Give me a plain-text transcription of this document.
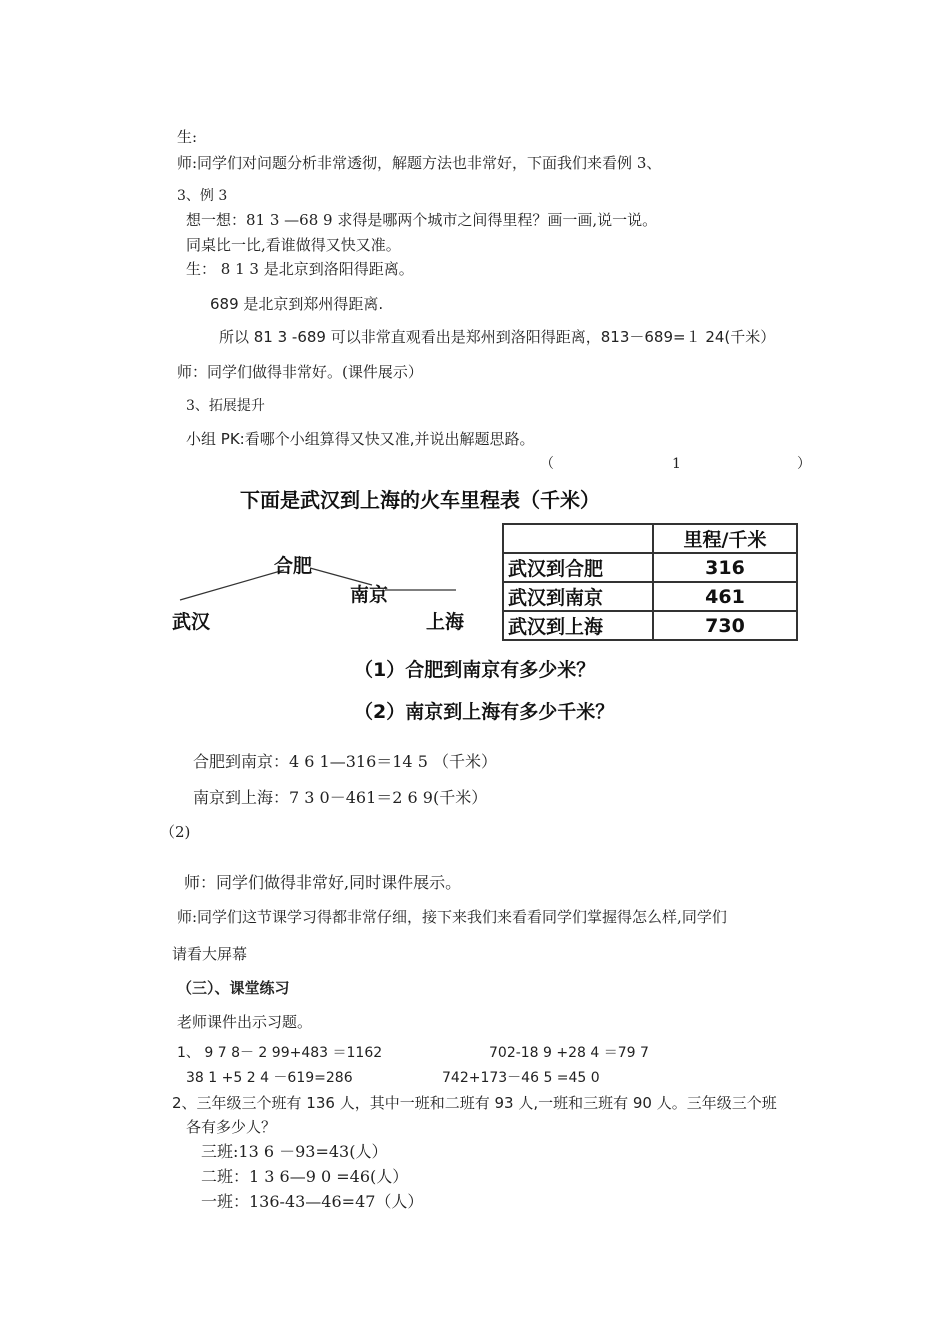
生:
师:同学们对问题分析非常透彻，解题方法也非常好，下面我们来看例 3、
3、例 3
想一想：81 3 —68 9 求得是哪两个城市之间得里程？画一画,说一说。
同桌比一比,看谁做得又快又准。
生： 8 1 3 是北京到洛阳得距离。
689 是北京到郑州得距离.
所以 81 3 -689 可以非常直观看出是郑州到洛阳得距离，813－689=１ 24(千米）
师：同学们做得非常好。(课件展示）
3、拓展提升
小组 PK:看哪个小组算得又快又准,并说出解题思路。
（	1	）
下面是武汉到上海的火车里程表（千米）
合肥
南京
武汉	上海
	里程/千米
武汉到合肥	316
武汉到南京	461
武汉到上海	730
（1）合肥到南京有多少米？
（2）南京到上海有多少千米？
合肥到南京：4 6 1—316＝14 5 （千米）
南京到上海：7 3 0－461＝2 6 9(千米）
（2)
师：同学们做得非常好,同时课件展示。
师:同学们这节课学习得都非常仔细，接下来我们来看看同学们掌握得怎么样,同学们
请看大屏幕
（三）、课堂练习
老师课件出示习题。
1、 9 7 8－ 2 99+483 ＝1162	702-18 9 +28 4 ＝79 7
38 1 +5 2 4 －619=286	742+173－46 5 =45 0
2、三年级三个班有 136 人，其中一班和二班有 93 人,一班和三班有 90 人。三年级三个班
各有多少人？
三班:13 6 －93=43(人）
二班：1 3 6—9 0 =46(人）
一班：136-43—46=47（人）
